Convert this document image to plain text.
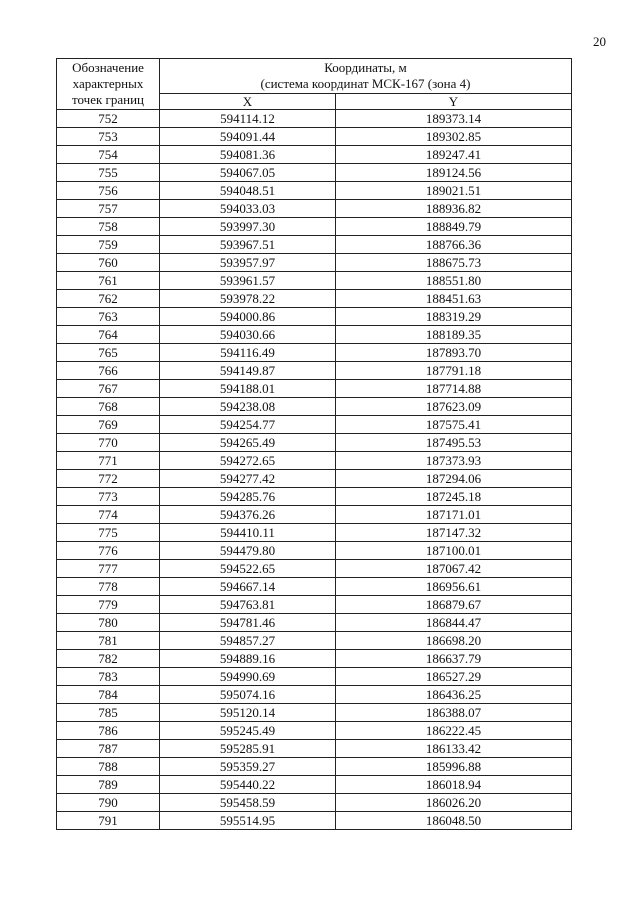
20
Обозначение
характерных
точек границ	Координаты, м
(система координат МСК-167 (зона 4)	

	X	Y
752	594114.12	189373.14
753	594091.44	189302.85
754	594081.36	189247.41
755	594067.05	189124.56
756	594048.51	189021.51
757	594033.03	188936.82
758	593997.30	188849.79
759	593967.51	188766.36
760	593957.97	188675.73
761	593961.57	188551.80
762	593978.22	188451.63
763	594000.86	188319.29
764	594030.66	188189.35
765	594116.49	187893.70
766	594149.87	187791.18
767	594188.01	187714.88
768	594238.08	187623.09
769	594254.77	187575.41
770	594265.49	187495.53
771	594272.65	187373.93
772	594277.42	187294.06
773	594285.76	187245.18
774	594376.26	187171.01
775	594410.11	187147.32
776	594479.80	187100.01
777	594522.65	187067.42
778	594667.14	186956.61
779	594763.81	186879.67
780	594781.46	186844.47
781	594857.27	186698.20
782	594889.16	186637.79
783	594990.69	186527.29
784	595074.16	186436.25
785	595120.14	186388.07
786	595245.49	186222.45
787	595285.91	186133.42
788	595359.27	185996.88
789	595440.22	186018.94
790	595458.59	186026.20
791	595514.95	186048.50
